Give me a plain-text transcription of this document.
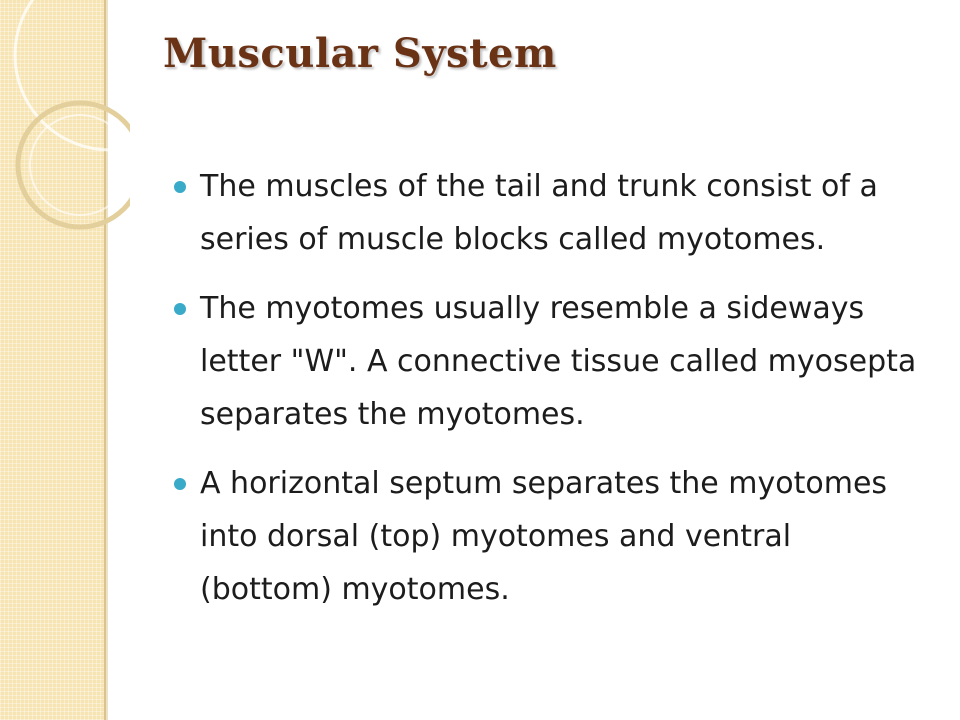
Muscular System
The muscles of the tail and trunk consist of a series of muscle blocks called myotomes.
The myotomes usually resemble a sideways letter "W". A connective tissue called myosepta separates the myotomes.
A horizontal septum separates the myotomes into dorsal (top) myotomes and ventral (bottom) myotomes.
